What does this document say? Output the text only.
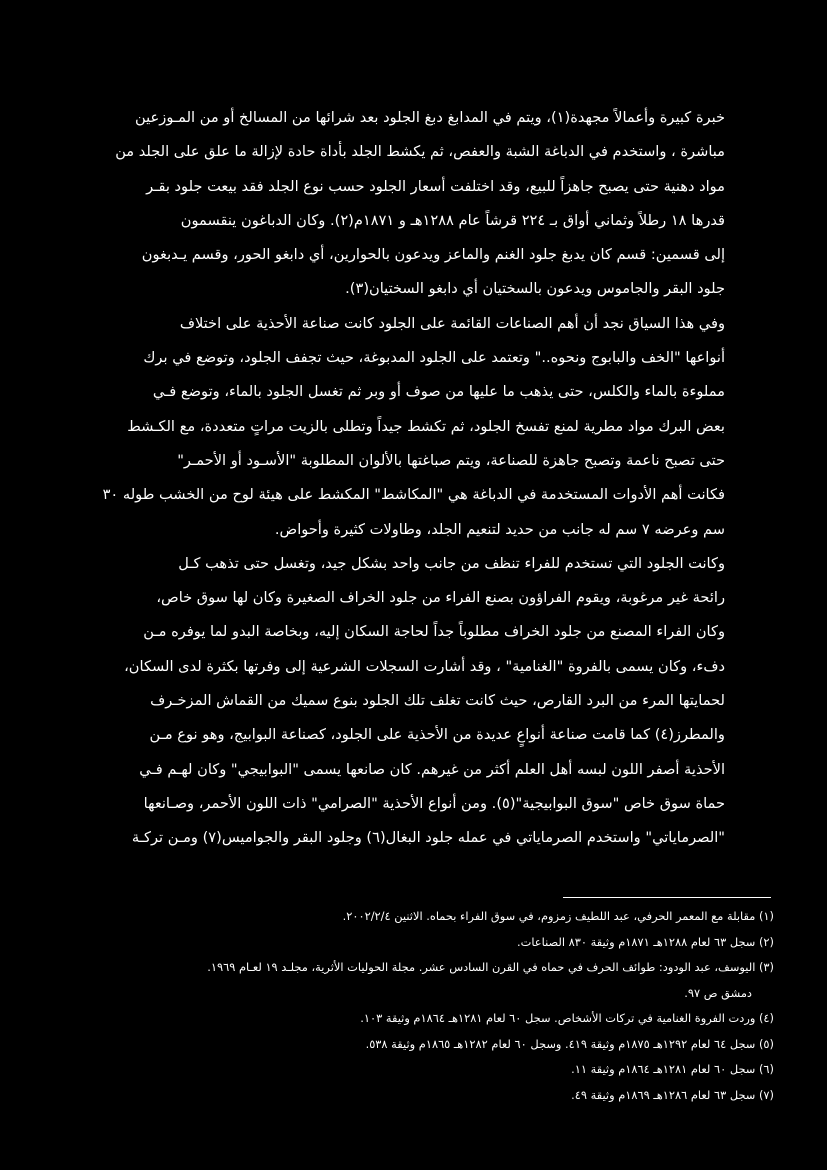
خبرة كبيرة وأعمالاً مجهدة(١)، ويتم في المدابغ دبغ الجلود بعد شرائها من المسالخ أو من المـوزعين
مباشرة ، واستخدم في الدباغة الشبة والعفص، ثم يكشط الجلد بأداة حادة لإزالة ما علق على الجلد من
مواد دهنية حتى يصبح جاهزاً للبيع، وقد اختلفت أسعار الجلود حسب نوع الجلد فقد بيعت جلود بقـر
قدرها ١٨ رطلاً وثماني أواق بـ ٢٢٤ قرشاً عام ١٢٨٨هـ و ١٨٧١م(٢). وكان الدباغون ينقسمون
إلى قسمين: قسم كان يدبغ جلود الغنم والماعز ويدعون بالحوارين، أي دابغو الحور، وقسم يـدبغون
جلود البقر والجاموس ويدعون بالسختيان أي دابغو السختيان(٣).
وفي هذا السياق نجد أن أهم الصناعات القائمة على الجلود كانت صناعة الأحذية على اختلاف
أنواعها "الخف والبابوج ونحوه.." وتعتمد على الجلود المدبوغة، حيث تجفف الجلود، وتوضع في برك
مملوءة بالماء والكلس، حتى يذهب ما عليها من صوف أو وبر ثم تغسل الجلود بالماء، وتوضع فـي
بعض البرك مواد مطرية لمنع تفسخ الجلود، ثم تكشط جيداً وتطلى بالزيت مراتٍ متعددة، مع الكـشط
حتى تصبح ناعمة وتصبح جاهزة للصناعة، ويتم صباغتها بالألوان المطلوبة "الأسـود أو الأحمـر"
فكانت أهم الأدوات المستخدمة في الدباغة هي "المكاشط" المكشط على هيئة لوح من الخشب طوله ٣٠
سم وعرضه ٧ سم له جانب من حديد لتنعيم الجلد، وطاولات كثيرة وأحواض.
وكانت الجلود التي تستخدم للفراء تنظف من جانب واحد بشكل جيد، وتغسل حتى تذهب كـل
رائحة غير مرغوبة، ويقوم الفراؤون بصنع الفراء من جلود الخراف الصغيرة وكان لها سوق خاص،
وكان الفراء المصنع من جلود الخراف مطلوباً جداً لحاجة السكان إليه، وبخاصة البدو لما يوفره مـن
دفء، وكان يسمى بالفروة "الغنامية" ، وقد أشارت السجلات الشرعية إلى وفرتها بكثرة لدى السكان،
لحمايتها المرء من البرد القارص، حيث كانت تغلف تلك الجلود بنوع سميك من القماش المزخـرف
والمطرز(٤) كما قامت صناعة أنواعٍ عديدة من الأحذية على الجلود، كصناعة البوابيج، وهو نوع مـن
الأحذية أصفر اللون لبسه أهل العلم أكثر من غيرهم. كان صانعها يسمى "البوابيجي" وكان لهـم فـي
حماة سوق خاص "سوق البوابيجية"(٥). ومن أنواع الأحذية "الصرامي" ذات اللون الأحمر، وصـانعها
"الصرماياتي" واستخدم الصرماياتي في عمله جلود البغال(٦) وجلود البقر والجواميس(٧) ومـن تركـة
(١) مقابلة مع المعمر الحرفي، عبد اللطيف زمزوم، في سوق الفراء بحماه. الاثنين ٢٠٠٢/٢/٤.
(٢) سجل ٦٣ لعام ١٢٨٨هـ ١٨٧١م وثيقة ٨٣٠ الصناعات.
(٣) اليوسف، عبد الودود: طوائف الحرف في حماه في القرن السادس عشر. مجلة الحوليات الأثرية، مجلـد ١٩ لعـام ١٩٦٩.
دمشق ص ٩٧.
(٤) وردت الفروة الغنامية في تركات الأشخاص. سجل ٦٠ لعام ١٢٨١هـ ١٨٦٤م وثيقة ١٠٣.
(٥) سجل ٦٤ لعام ١٢٩٢هـ ١٨٧٥م وثيقة ٤١٩. وسجل ٦٠ لعام ١٢٨٢هـ ١٨٦٥م وثيقة ٥٣٨.
(٦) سجل ٦٠ لعام ١٢٨١هـ ١٨٦٤م وثيقة ١١.
(٧) سجل ٦٣ لعام ١٢٨٦هـ ١٨٦٩م وثيقة ٤٩.
